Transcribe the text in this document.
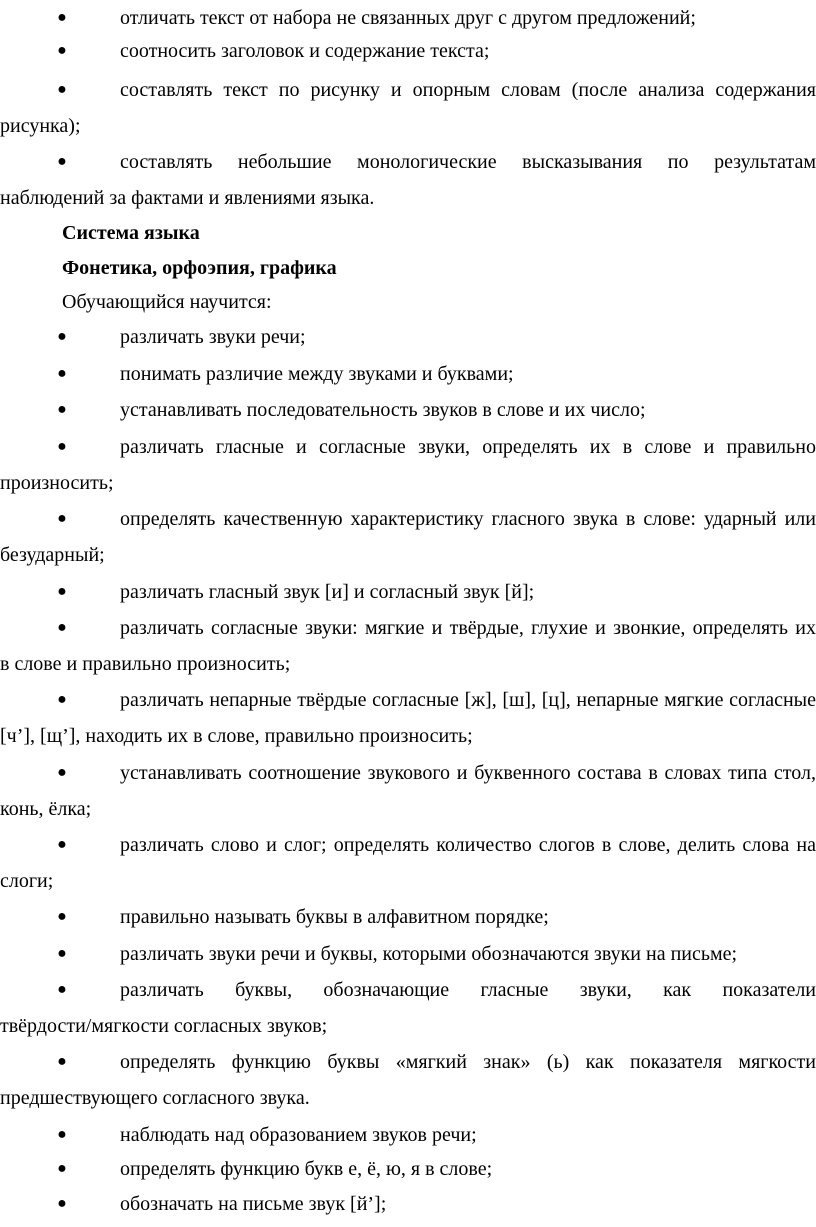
●	отличать текст от набора не связанных друг с другом предложений;
●	соотносить заголовок и содержание текста;
●	составлять текст по рисунку и опорным словам (после анализа содержания
рисунка);
●	составлять небольшие монологические высказывания по результатам
наблюдений за фактами и явлениями языка.
Система языка
Фонетика, орфоэпия, графика
Обучающийся научится:
●	различать звуки речи;
●	понимать различие между звуками и буквами;
●	устанавливать последовательность звуков в слове и их число;
●	различать гласные и согласные звуки, определять их в слове и правильно
произносить;
●	определять качественную характеристику гласного звука в слове: ударный или
безударный;
●	различать гласный звук [и] и согласный звук [й];
●	различать согласные звуки: мягкие и твёрдые, глухие и звонкие, определять их
в слове и правильно произносить;
●	различать непарные твёрдые согласные [ж], [ш], [ц], непарные мягкие согласные
[ч’], [щ’], находить их в слове, правильно произносить;
●	устанавливать соотношение звукового и буквенного состава в словах типа стол,
конь, ёлка;
●	различать слово и слог; определять количество слогов в слове, делить слова на
слоги;
●	правильно называть буквы в алфавитном порядке;
●	различать звуки речи и буквы, которыми обозначаются звуки на письме;
●	различать буквы, обозначающие гласные звуки, как показатели
твёрдости/мягкости согласных звуков;
●	определять функцию буквы «мягкий знак» (ь) как показателя мягкости
предшествующего согласного звука.
●	наблюдать над образованием звуков речи;
●	определять функцию букв е, ё, ю, я в слове;
●	обозначать на письме звук [й’];
